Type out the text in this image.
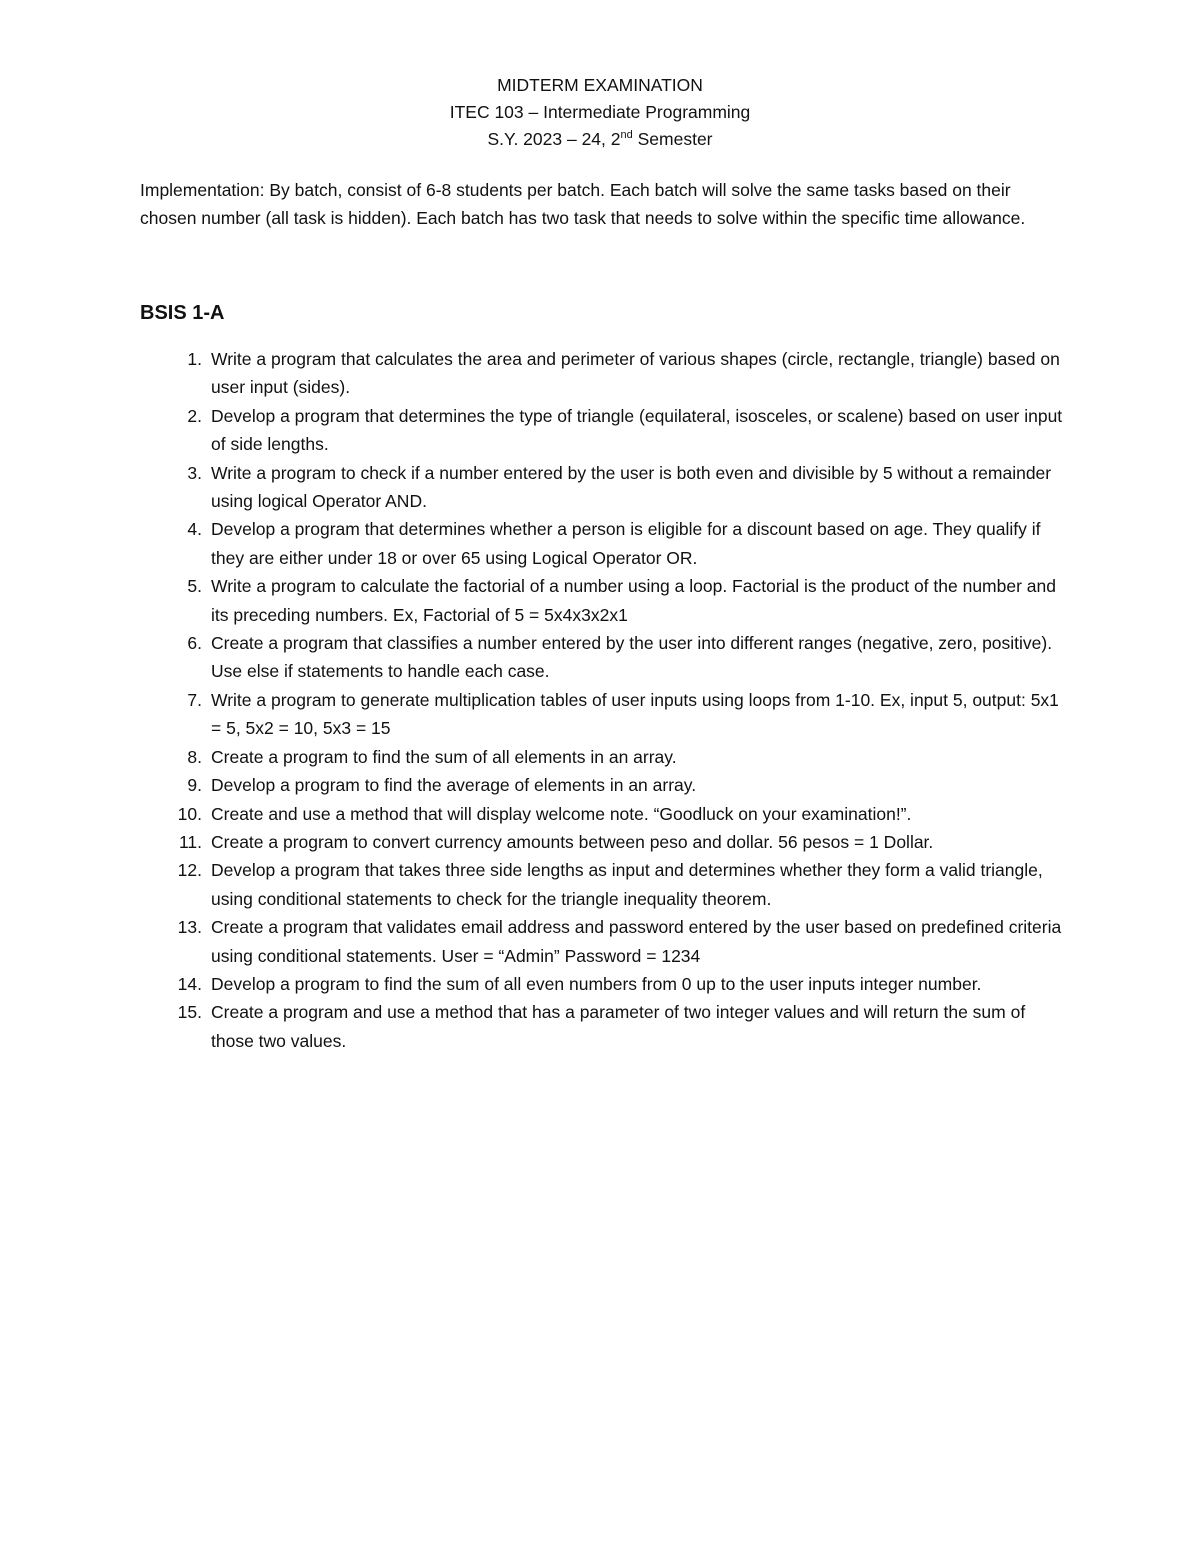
MIDTERM EXAMINATION
ITEC 103 – Intermediate Programming
S.Y. 2023 – 24, 2nd Semester
Implementation: By batch, consist of 6-8 students per batch. Each batch will solve the same tasks based on their chosen number (all task is hidden). Each batch has two task that needs to solve within the specific time allowance.
BSIS 1-A
1. Write a program that calculates the area and perimeter of various shapes (circle, rectangle, triangle) based on user input (sides).
2. Develop a program that determines the type of triangle (equilateral, isosceles, or scalene) based on user input of side lengths.
3. Write a program to check if a number entered by the user is both even and divisible by 5 without a remainder using logical Operator AND.
4. Develop a program that determines whether a person is eligible for a discount based on age. They qualify if they are either under 18 or over 65 using Logical Operator OR.
5. Write a program to calculate the factorial of a number using a loop. Factorial is the product of the number and its preceding numbers. Ex, Factorial of 5 = 5x4x3x2x1
6. Create a program that classifies a number entered by the user into different ranges (negative, zero, positive). Use else if statements to handle each case.
7. Write a program to generate multiplication tables of user inputs using loops from 1-10. Ex, input 5, output: 5x1 = 5, 5x2 = 10, 5x3 = 15
8. Create a program to find the sum of all elements in an array.
9. Develop a program to find the average of elements in an array.
10. Create and use a method that will display welcome note. “Goodluck on your examination!”.
11. Create a program to convert currency amounts between peso and dollar. 56 pesos = 1 Dollar.
12. Develop a program that takes three side lengths as input and determines whether they form a valid triangle, using conditional statements to check for the triangle inequality theorem.
13. Create a program that validates email address and password entered by the user based on predefined criteria using conditional statements. User = “Admin” Password = 1234
14. Develop a program to find the sum of all even numbers from 0 up to the user inputs integer number.
15. Create a program and use a method that has a parameter of two integer values and will return the sum of those two values.
